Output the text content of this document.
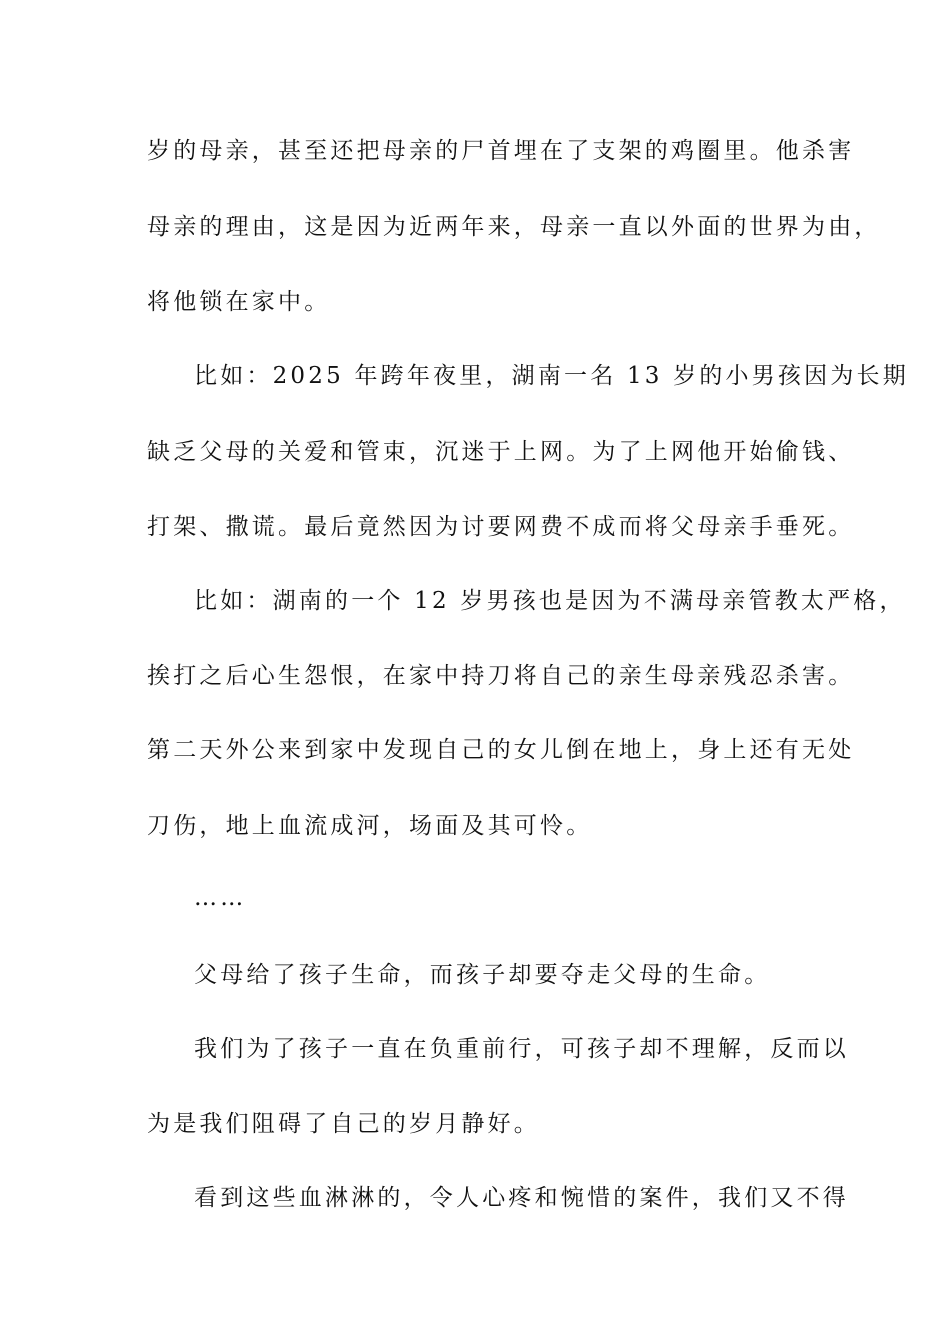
岁的母亲，甚至还把母亲的尸首埋在了支架的鸡圈里。他杀害
母亲的理由，这是因为近两年来，母亲一直以外面的世界为由，
将他锁在家中。
比如：2025 年跨年夜里，湖南一名 13 岁的小男孩因为长期
缺乏父母的关爱和管束，沉迷于上网。为了上网他开始偷钱、
打架、撒谎。最后竟然因为讨要网费不成而将父母亲手垂死。
比如：湖南的一个 12 岁男孩也是因为不满母亲管教太严格，
挨打之后心生怨恨，在家中持刀将自己的亲生母亲残忍杀害。
第二天外公来到家中发现自己的女儿倒在地上，身上还有无处
刀伤，地上血流成河，场面及其可怜。
……
父母给了孩子生命，而孩子却要夺走父母的生命。
我们为了孩子一直在负重前行，可孩子却不理解，反而以
为是我们阻碍了自己的岁月静好。
看到这些血淋淋的，令人心疼和惋惜的案件，我们又不得
